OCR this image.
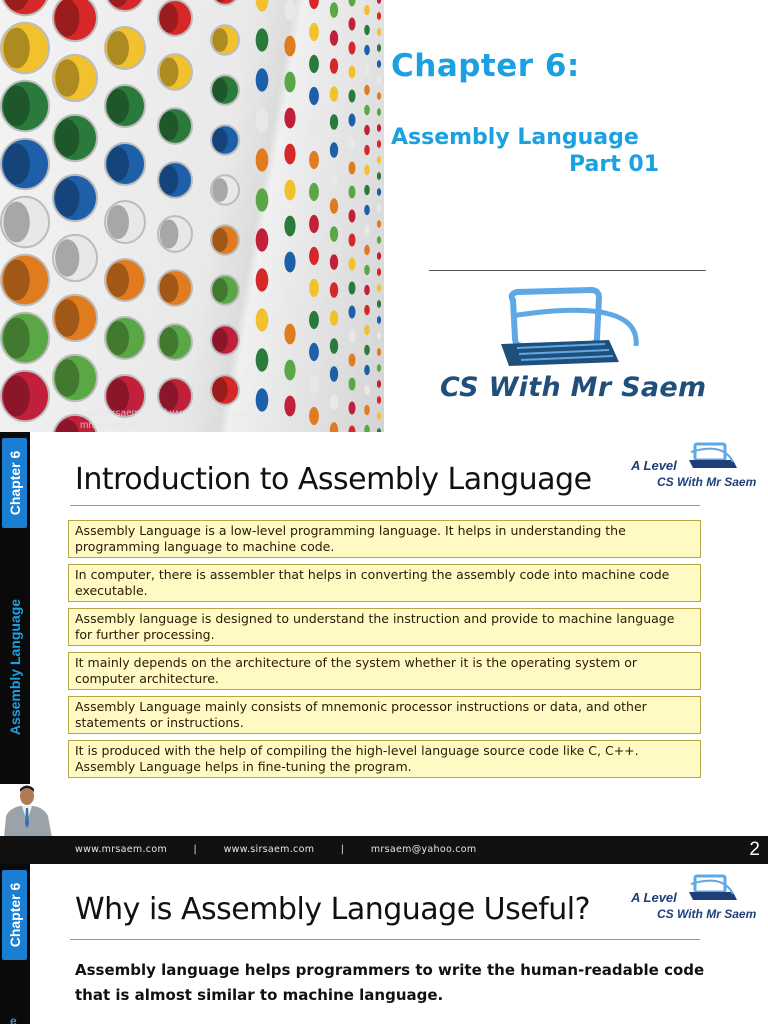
www.mrsaem.com | www.sirsaem.com
mrsaem@yahoo.com
Chapter 6:
Assembly Language
Part 01
CS With Mr Saem
Chapter 6
Assembly Language
Introduction to Assembly Language	A Level
CS With Mr Saem
Assembly Language is a low-level programming language. It helps in understanding the programming language to machine code.
In computer, there is assembler that helps in converting the assembly code into machine code executable.
Assembly language is designed to understand the instruction and provide to machine language for further processing.
It mainly depends on the architecture of the system whether it is the operating system or computer architecture.
Assembly Language mainly consists of mnemonic processor instructions or data, and other statements or instructions.
It is produced with the help of compiling the high-level language source code like C, C++. Assembly Language helps in fine-tuning the program.
www.mrsaem.com        |        www.sirsaem.com        |        mrsaem@yahoo.com	2
Chapter 6
e
Why is Assembly Language Useful?	A Level
CS With Mr Saem
Assembly language helps programmers to write the human-readable code that is almost similar to machine language.
